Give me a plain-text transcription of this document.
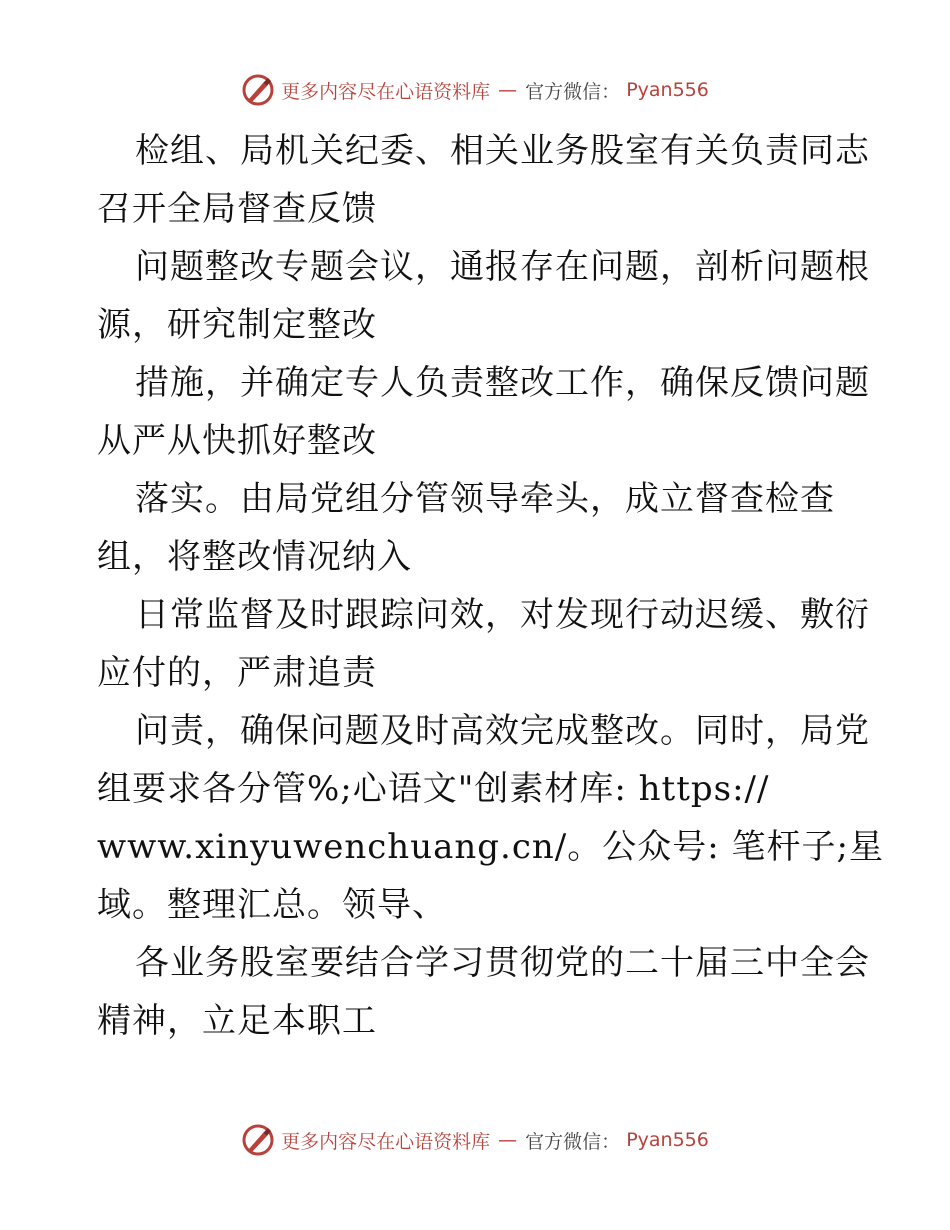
更多内容尽在心语资料库 — 官方微信： Pyan556
检组、局机关纪委、相关业务股室有关负责同志
召开全局督查反馈
问题整改专题会议，通报存在问题，剖析问题根
源，研究制定整改
措施，并确定专人负责整改工作，确保反馈问题
从严从快抓好整改
落实。由局党组分管领导牵头，成立督查检查
组，将整改情况纳入
日常监督及时跟踪问效，对发现行动迟缓、敷衍
应付的，严肃追责
问责，确保问题及时高效完成整改。同时，局党
组要求各分管%;心语文"创素材库: https://
www.xinyuwenchuang.cn/。公众号: 笔杆子;星
域。整理汇总。领导、
各业务股室要结合学习贯彻党的二十届三中全会
精神，立足本职工
更多内容尽在心语资料库 — 官方微信： Pyan556
